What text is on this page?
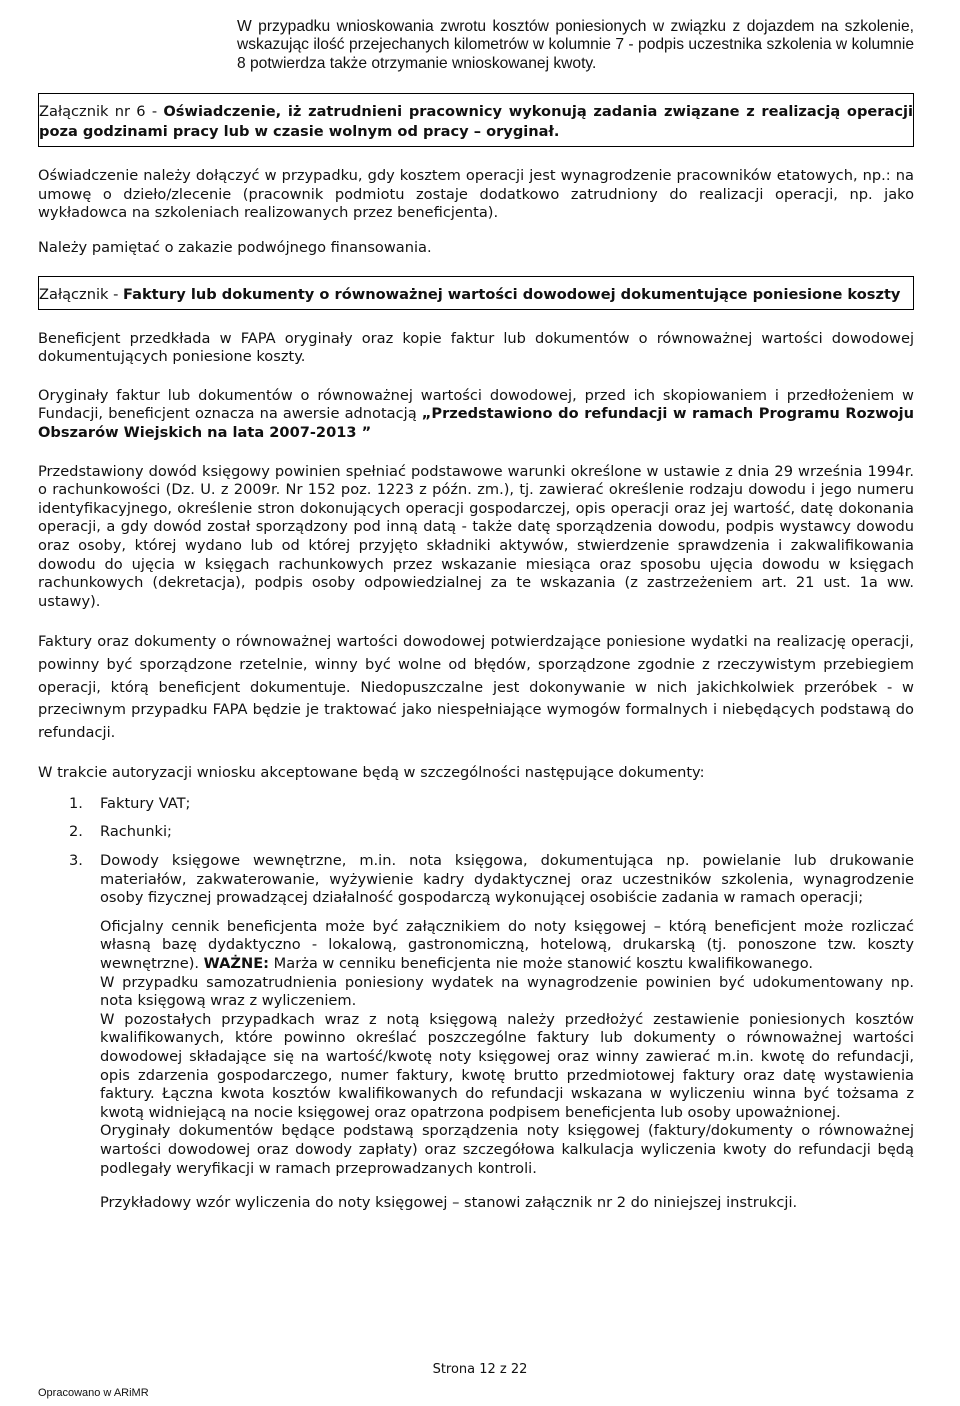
W przypadku wnioskowania zwrotu kosztów poniesionych w związku z dojazdem na szkolenie, wskazując ilość przejechanych kilometrów w kolumnie 7 - podpis uczestnika szkolenia w kolumnie 8 potwierdza także otrzymanie wnioskowanej kwoty.

Załącznik nr 6 - Oświadczenie, iż zatrudnieni pracownicy wykonują zadania związane z realizacją operacji poza godzinami pracy lub w czasie wolnym od pracy – oryginał.

Oświadczenie należy dołączyć w przypadku, gdy kosztem operacji jest wynagrodzenie pracowników etatowych, np.: na umowę o dzieło/zlecenie (pracownik podmiotu zostaje dodatkowo zatrudniony do realizacji operacji, np. jako wykładowca na szkoleniach realizowanych przez beneficjenta).

Należy pamiętać o zakazie podwójnego finansowania.

Załącznik - Faktury lub dokumenty o równoważnej wartości dowodowej dokumentujące poniesione koszty

Beneficjent przedkłada w FAPA oryginały oraz kopie faktur lub dokumentów o równoważnej wartości dowodowej dokumentujących poniesione koszty.

Oryginały faktur lub dokumentów o równoważnej wartości dowodowej, przed ich skopiowaniem i przedłożeniem w Fundacji, beneficjent oznacza na awersie adnotacją „Przedstawiono do refundacji w ramach Programu Rozwoju Obszarów Wiejskich na lata 2007-2013 ”

Przedstawiony dowód księgowy powinien spełniać podstawowe warunki określone w ustawie z dnia 29 września 1994r. o rachunkowości (Dz. U. z 2009r. Nr 152 poz. 1223 z późn. zm.), tj. zawierać określenie rodzaju dowodu i jego numeru identyfikacyjnego, określenie stron dokonujących operacji gospodarczej, opis operacji oraz jej wartość, datę dokonania operacji, a gdy dowód został sporządzony pod inną datą - także datę sporządzenia dowodu, podpis wystawcy dowodu oraz osoby, której wydano lub od której przyjęto składniki aktywów, stwierdzenie sprawdzenia i zakwalifikowania dowodu do ujęcia w księgach rachunkowych przez wskazanie miesiąca oraz sposobu ujęcia dowodu w księgach rachunkowych (dekretacja), podpis osoby odpowiedzialnej za te wskazania (z zastrzeżeniem art. 21 ust. 1a ww. ustawy).

Faktury oraz dokumenty o równoważnej wartości dowodowej potwierdzające poniesione wydatki na realizację operacji, powinny być sporządzone rzetelnie, winny być wolne od błędów, sporządzone zgodnie z rzeczywistym przebiegiem operacji, którą beneficjent dokumentuje. Niedopuszczalne jest dokonywanie w nich jakichkolwiek przeróbek - w przeciwnym przypadku FAPA będzie je traktować jako niespełniające wymogów formalnych i niebędących podstawą do refundacji.

W trakcie autoryzacji wniosku akceptowane będą w szczególności następujące dokumenty:

1. Faktury VAT;
2. Rachunki;
3. Dowody księgowe wewnętrzne, m.in. nota księgowa, dokumentująca np. powielanie lub drukowanie materiałów, zakwaterowanie, wyżywienie kadry dydaktycznej oraz uczestników szkolenia, wynagrodzenie osoby fizycznej prowadzącej działalność gospodarczą wykonującej osobiście zadania w ramach operacji;

Oficjalny cennik beneficjenta może być załącznikiem do noty księgowej – którą beneficjent może rozliczać własną bazę dydaktyczno - lokalową, gastronomiczną, hotelową, drukarską (tj. ponoszone tzw. koszty wewnętrzne). WAŻNE: Marża w cenniku beneficjenta nie może stanowić kosztu kwalifikowanego.

W przypadku samozatrudnienia poniesiony wydatek na wynagrodzenie powinien być udokumentowany np. nota księgową wraz z wyliczeniem.

W pozostałych przypadkach wraz z notą księgową należy przedłożyć zestawienie poniesionych kosztów kwalifikowanych, które powinno określać poszczególne faktury lub dokumenty o równoważnej wartości dowodowej składające się na wartość/kwotę noty księgowej oraz winny zawierać m.in. kwotę do refundacji, opis zdarzenia gospodarczego, numer faktury, kwotę brutto przedmiotowej faktury oraz datę wystawienia faktury. Łączna kwota kosztów kwalifikowanych do refundacji wskazana w wyliczeniu winna być tożsama z kwotą widniejącą na nocie księgowej oraz opatrzona podpisem beneficjenta lub osoby upoważnionej.

Oryginały dokumentów będące podstawą sporządzenia noty księgowej (faktury/dokumenty o równoważnej wartości dowodowej oraz dowody zapłaty) oraz szczegółowa kalkulacja wyliczenia kwoty do refundacji będą podlegały weryfikacji w ramach przeprowadzanych kontroli.

Przykładowy wzór wyliczenia do noty księgowej – stanowi załącznik nr 2 do niniejszej instrukcji.

Strona 12 z 22
Opracowano w ARiMR
